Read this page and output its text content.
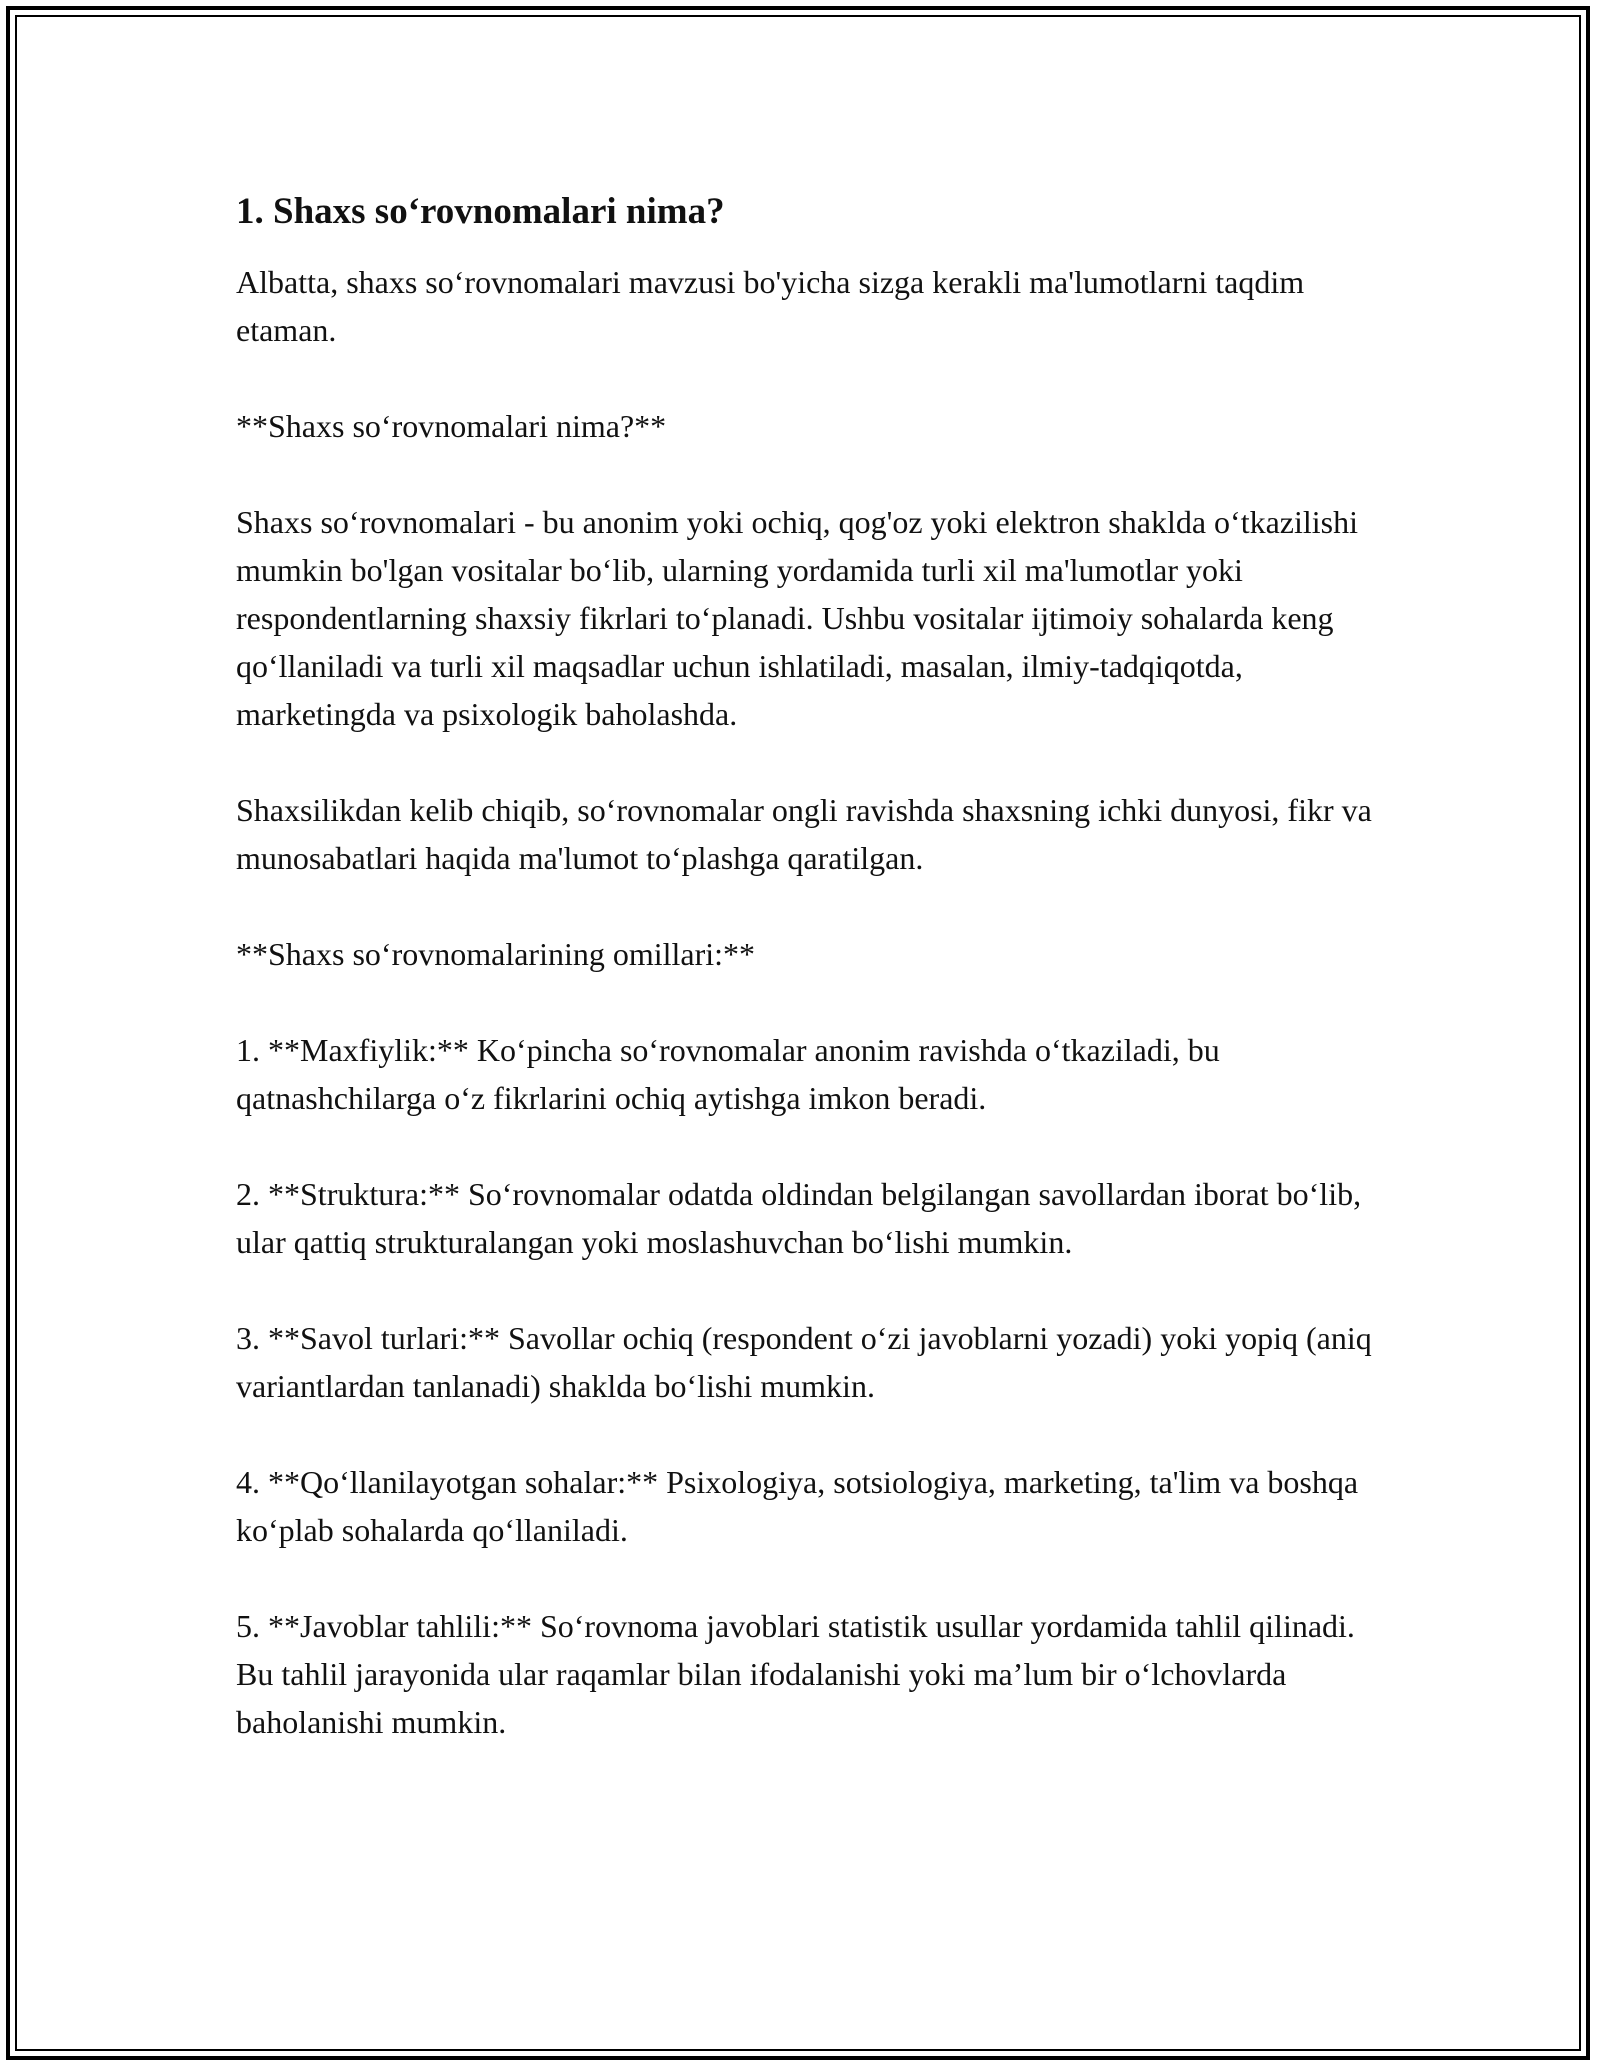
1. Shaxs so‘rovnomalari nima?

Albatta, shaxs so‘rovnomalari mavzusi bo'yicha sizga kerakli ma'lumotlarni taqdim etaman.

**Shaxs so‘rovnomalari nima?**

Shaxs so‘rovnomalari - bu anonim yoki ochiq, qog'oz yoki elektron shaklda o‘tkazilishi mumkin bo'lgan vositalar bo‘lib, ularning yordamida turli xil ma'lumotlar yoki respondentlarning shaxsiy fikrlari to‘planadi. Ushbu vositalar ijtimoiy sohalarda keng qo‘llaniladi va turli xil maqsadlar uchun ishlatiladi, masalan, ilmiy-tadqiqotda, marketingda va psixologik baholashda.

Shaxsilikdan kelib chiqib, so‘rovnomalar ongli ravishda shaxsning ichki dunyosi, fikr va munosabatlari haqida ma'lumot to‘plashga qaratilgan.

**Shaxs so‘rovnomalarining omillari:**

1. **Maxfiylik:** Ko‘pincha so‘rovnomalar anonim ravishda o‘tkaziladi, bu qatnashchilarga o‘z fikrlarini ochiq aytishga imkon beradi.

2. **Struktura:** So‘rovnomalar odatda oldindan belgilangan savollardan iborat bo‘lib, ular qattiq strukturalangan yoki moslashuvchan bo‘lishi mumkin.

3. **Savol turlari:** Savollar ochiq (respondent o‘zi javoblarni yozadi) yoki yopiq (aniq variantlardan tanlanadi) shaklda bo‘lishi mumkin.

4. **Qo‘llanilayotgan sohalar:** Psixologiya, sotsiologiya, marketing, ta'lim va boshqa ko‘plab sohalarda qo‘llaniladi.

5. **Javoblar tahlili:** So‘rovnoma javoblari statistik usullar yordamida tahlil qilinadi. Bu tahlil jarayonida ular raqamlar bilan ifodalanishi yoki ma’lum bir o‘lchovlarda baholanishi mumkin.
